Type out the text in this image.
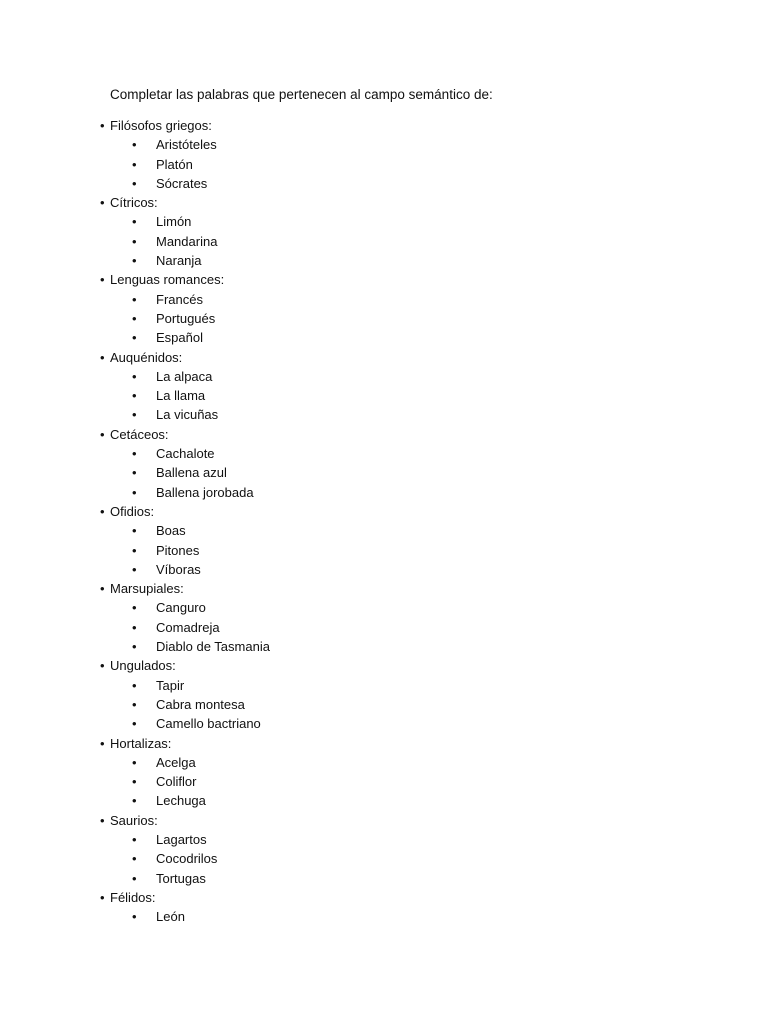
Completar las palabras que pertenecen al campo semántico de:
• Filósofos griegos:
• Aristóteles
• Platón
• Sócrates
• Cítricos:
• Limón
• Mandarina
• Naranja
• Lenguas romances:
• Francés
• Portugués
• Español
• Auquénidos:
• La alpaca
• La llama
• La vicuñas
• Cetáceos:
• Cachalote
• Ballena azul
• Ballena jorobada
• Ofidios:
• Boas
• Pitones
• Víboras
• Marsupiales:
• Canguro
• Comadreja
• Diablo de Tasmania
• Ungulados:
• Tapir
• Cabra montesa
• Camello bactriano
• Hortalizas:
• Acelga
• Coliflor
• Lechuga
• Saurios:
• Lagartos
• Cocodrilos
• Tortugas
• Félidos:
• León
